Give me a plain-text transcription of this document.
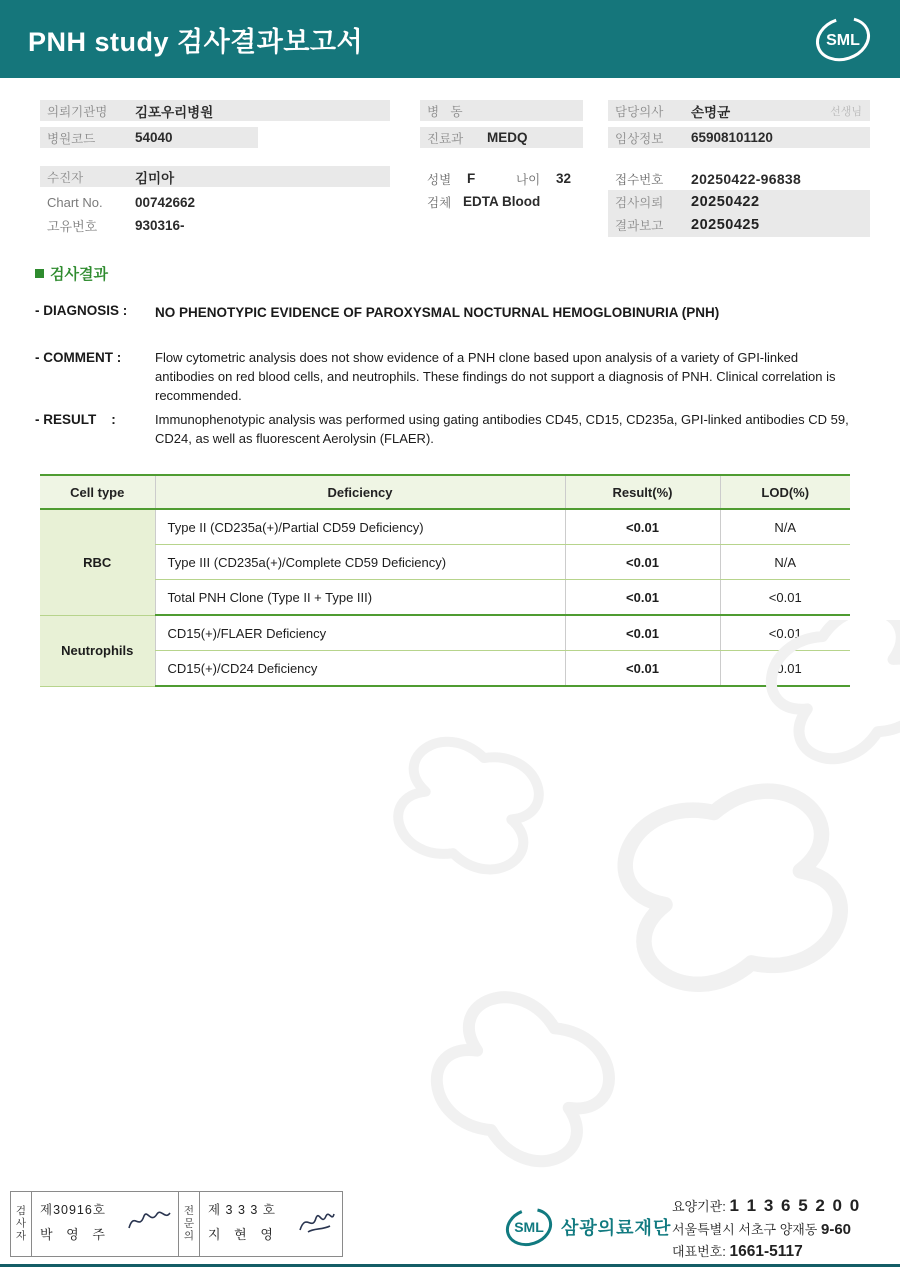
PNH study 검사결과보고서	SML
의뢰기관명	김포우리병원
병원코드	54040
수진자	김미아
Chart No.	00742662
고유번호	930316-
병 동
진료과	MEDQ
성별	F	나이	32
검체 EDTA Blood
담당의사	손명균	선생님
임상정보	65908101120
접수번호	20250422-96838
검사의뢰	20250422
결과보고	20250425
검사결과
- DIAGNOSIS :	NO PHENOTYPIC EVIDENCE OF PAROXYSMAL NOCTURNAL HEMOGLOBINURIA (PNH)
- COMMENT :	Flow cytometric analysis does not show evidence of a PNH clone based upon analysis of a variety of GPI-linked antibodies on red blood cells, and neutrophils. These findings do not support a diagnosis of PNH. Clinical correlation is recommended.
- RESULT    :	Immunophenotypic analysis was performed using gating antibodies CD45, CD15, CD235a, GPI-linked antibodies CD 59, CD24, as well as fluorescent Aerolysin (FLAER).
Cell type	Deficiency	Result(%)	LOD(%)
RBC	Type II (CD235a(+)/Partial CD59 Deficiency)	<0.01	N/A
	Type III (CD235a(+)/Complete CD59 Deficiency)	<0.01	N/A
	Total PNH Clone (Type II + Type III)	<0.01	<0.01
Neutrophils	CD15(+)/FLAER Deficiency	<0.01	<0.01
	CD15(+)/CD24 Deficiency	<0.01	<0.01
검사자	제30916호
박 영 주	전문의	제 3 3 3 호
지 현 영	SML 삼광의료재단
요양기관: 1 1 3 6 5 2 0 0
서울특별시 서초구 양재동 9-60
대표번호: 1661-5117
